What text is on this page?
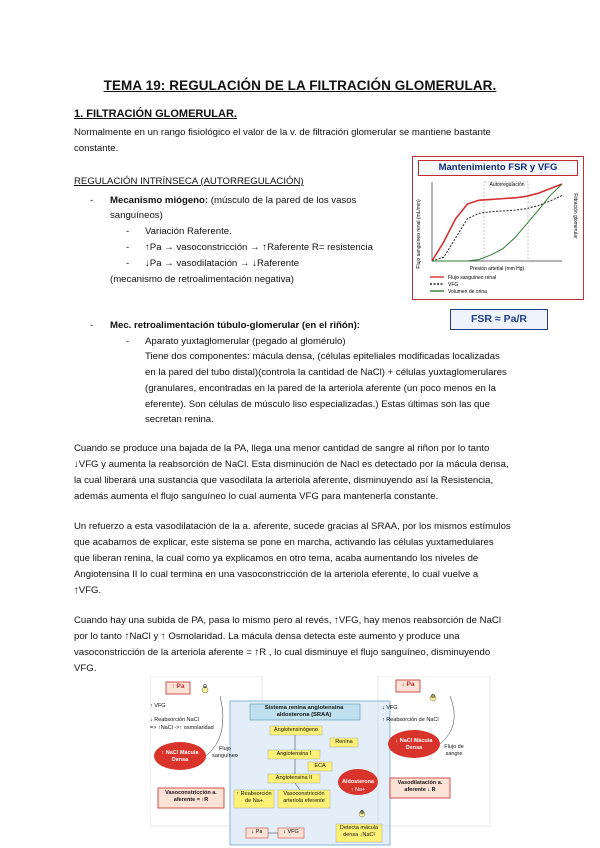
TEMA 19: REGULACIÓN DE LA FILTRACIÓN GLOMERULAR.
1. FILTRACIÓN GLOMERULAR.
Normalmente en un rango fisiológico el valor de la v. de filtración glomerular se mantiene bastante
constante.
REGULACIÓN INTRÍNSECA (AUTORREGULACIÓN)
- Mecanismo miógeno: (músculo de la pared de los vasos
sanguíneos)
- Variación Raferente.
- ↑Pa → vasoconstricción → ↑Raferente R= resistencia
- ↓Pa → vasodilatación → ↓Raferente
(mecanismo de retroalimentación negativa)
- Mec. retroalimentación túbulo-glomerular (en el riñón):
- Aparato yuxtaglomerular (pegado al glomérulo)
Tiene dos componentes: mácula densa, (células epiteliales modificadas localizadas
en la pared del tubo distal)(controla la cantidad de NaCl) + células yuxtaglomerulares
(granulares, encontradas en la pared de la arteriola aferente (un poco menos en la
eferente). Son células de músculo liso especializadas.) Estas últimas son las que
secretan renina.
Cuando se produce una bajada de la PA, llega una menor cantidad de sangre al riñon por lo tanto
↓VFG y aumenta la reabsorción de NaCl. Esta disminución de Nacl es detectado por la mácula densa,
la cual liberará una sustancia que vasodilata la arteriola aferente, disminuyendo así la Resistencia,
además aumenta el flujo sanguíneo lo cual aumenta VFG para mantenerla constante.
Un refuerzo a esta vasodilatación de la a. aferente, sucede gracias al SRAA, por los mismos estímulos
que acabamos de explicar, este sistema se pone en marcha, activando las células yuxtamedulares
que liberan renina, la cual como ya explicamos en otro tema, acaba aumentando los niveles de
Angiotensina II lo cual termina en una vasoconstricción de la arteriola eferente, lo cual vuelve a
↑VFG.
Cuando hay una subida de PA, pasa lo mismo pero al revés, ↑VFG, hay menos reabsorción de NaCl
por lo tanto ↑NaCl y ↑ Osmolaridad. La mácula densa detecta este aumento y produce una
vasoconstricción de la arteriola aferente = ↑R , lo cual disminuye el flujo sanguíneo, disminuyendo
VFG.
Mantenimiento FSR y VFG
Flujo sanguíneo renal (mL/min)	Filtración glomerular
Autorregulación
Presión arterial (mm Hg)
Flujo sanguíneo renal
VFG
Volumen de orina
FSR ≈ Pa/R
↑ Pa	⊖
↑ VFG
↓ Reabsorción NaCl
=> ↑NaCl ->↑ osmolaridad
↑ NaCl Mácula Densa
Flujo sanguíneo
Vasoconstricción a. aferente = ↑R
Sistema renina angiotensina aldosterona (SRAA)
Angiotensinógeno
Renina
Angiotensina I
ECA
Angiotensina II
↑ Reabsorción de Na+
Vasoconstricción arteriola eferente
Aldosterona
↑ Na+
↓ Pa	↓ VFG
Detecta mácula densa ↓NaCl
⊕
↓ Pa
⊖
↓ VFG
↑ Reabsorción de NaCl
↓ NaCl Mácula Densa	Flujo de sangre
Vasodilatación a. aferente ↓ R
